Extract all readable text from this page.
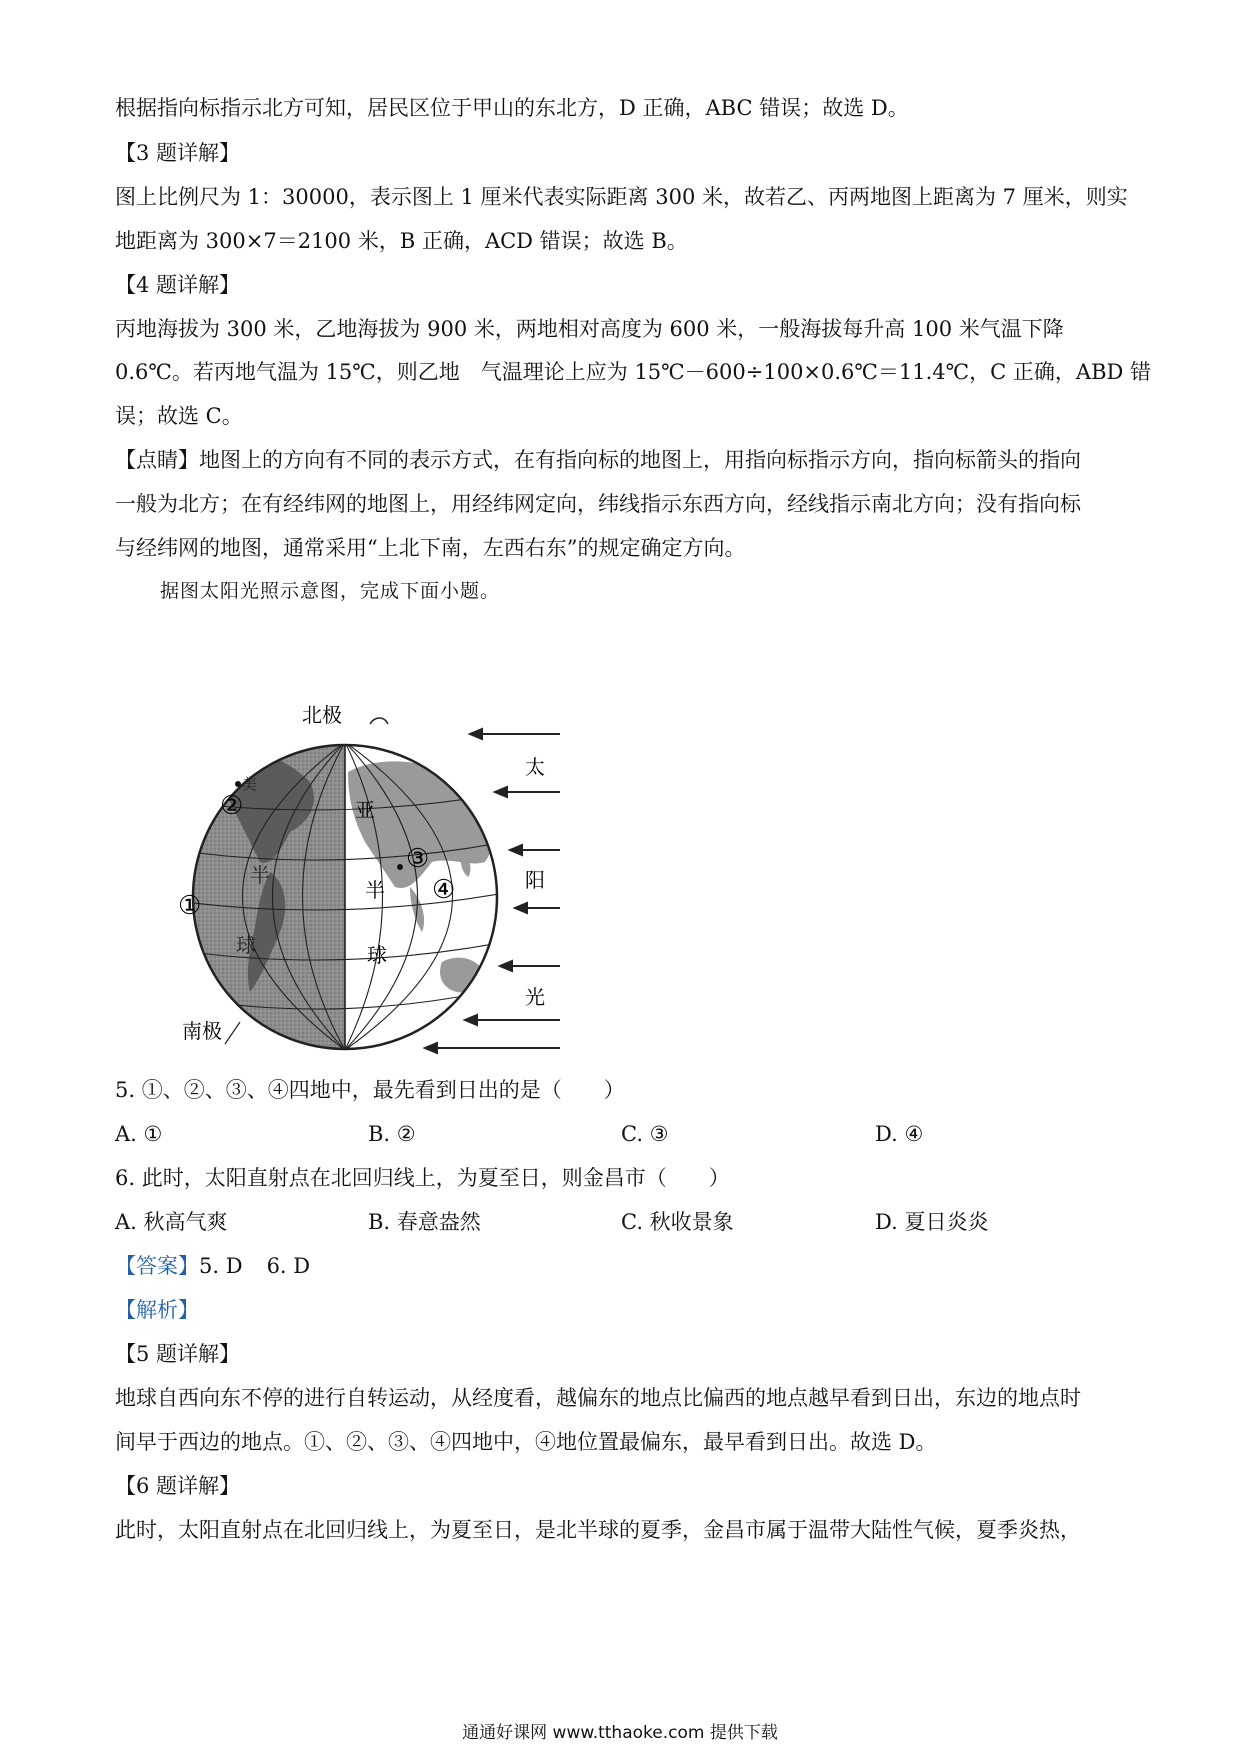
根据指向标指示北方可知，居民区位于甲山的东北方，D 正确，ABC 错误；故选 D。
【3 题详解】
图上比例尺为 1：30000，表示图上 1 厘米代表实际距离 300 米，故若乙、丙两地图上距离为 7 厘米，则实
地距离为 300×7＝2100 米，B 正确，ACD 错误；故选 B。
【4 题详解】
丙地海拔为 300 米，乙地海拔为 900 米，两地相对高度为 600 米，一般海拔每升高 100 米气温下降
0.6℃。若丙地气温为 15℃，则乙地　气温理论上应为 15℃－600÷100×0.6℃＝11.4℃，C 正确，ABD 错
误；故选 C。
【点睛】地图上的方向有不同的表示方式，在有指向标的地图上，用指向标指示方向，指向标箭头的指向
一般为北方；在有经纬网的地图上，用经纬网定向，纬线指示东西方向，经线指示南北方向；没有指向标
与经纬网的地图，通常采用“上北下南，左西右东”的规定确定方向。
据图太阳光照示意图，完成下面小题。
北极
南极
亚
半
球
半
球
美
①
②
③
④
太
阳
光
5. ①、②、③、④四地中，最先看到日出的是（　　）
A. ①	B. ②	C. ③	D. ④
6. 此时，太阳直射点在北回归线上，为夏至日，则金昌市（　　）
A. 秋高气爽	B. 春意盎然	C. 秋收景象	D. 夏日炎炎
【答案】5. D 6. D
【解析】
【5 题详解】
地球自西向东不停的进行自转运动，从经度看，越偏东的地点比偏西的地点越早看到日出，东边的地点时
间早于西边的地点。①、②、③、④四地中，④地位置最偏东，最早看到日出。故选 D。
【6 题详解】
此时，太阳直射点在北回归线上，为夏至日，是北半球的夏季，金昌市属于温带大陆性气候，夏季炎热，
通通好课网 www.tthaoke.com 提供下载
